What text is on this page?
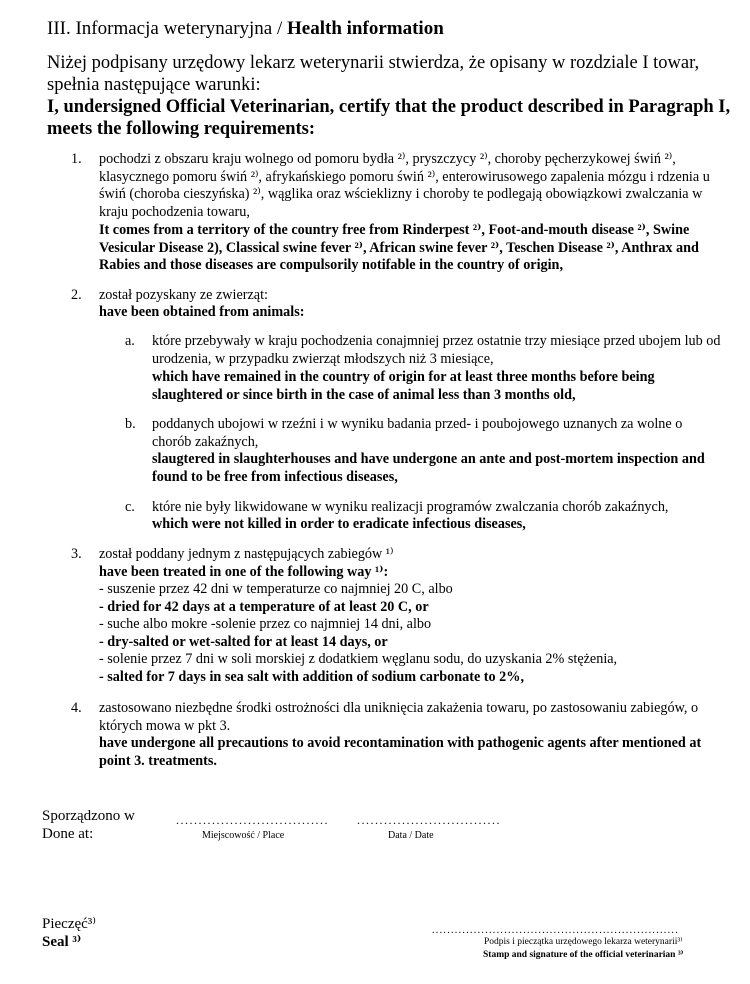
III. Informacja weterynaryjna / Health information
Niżej podpisany urzędowy lekarz weterynarii stwierdza, że opisany w rozdziale I towar, spełnia następujące warunki:
I, undersigned Official Veterinarian, certify that the product described in Paragraph I, meets the following requirements:
1. pochodzi z obszaru kraju wolnego od pomoru bydła ²⁾, pryszczycy ²⁾, choroby pęcherzykowej świń ²⁾, klasycznego pomoru świń ²⁾, afrykańskiego pomoru świń ²⁾, enterowirusowego zapalenia mózgu i rdzenia u świń (choroba cieszyńska) ²⁾, wąglika oraz wścieklizny i choroby te podlegają obowiązkowi zwalczania w kraju pochodzenia towaru,
It comes from a territory of the country free from Rinderpest ²⁾, Foot-and-mouth disease ²⁾, Swine Vesicular Disease 2), Classical swine fever ²⁾, African swine fever ²⁾, Teschen Disease ²⁾, Anthrax and Rabies and those diseases are compulsorily notifable in the country of origin,
2. został pozyskany ze zwierząt:
have been obtained from animals:
a. które przebywały w kraju pochodzenia conajmniej przez ostatnie trzy miesiące przed ubojem lub od urodzenia, w przypadku zwierząt młodszych niż 3 miesiące,
which have remained in the country of origin for at least three months before being slaughtered or since birth in the case of animal less than 3 months old,
b. poddanych ubojowi w rzeźni i w wyniku badania przed- i poubojowego uznanych za wolne o chorób zakaźnych,
slaugtered in slaughterhouses and have undergone an ante and post-mortem inspection and found to be free from infectious diseases,
c. które nie były likwidowane w wyniku realizacji programów zwalczania chorób zakaźnych,
which were not killed in order to eradicate infectious diseases,
3. został poddany jednym z następujących zabiegów ¹⁾
have been treated in one of the following way ¹⁾:
- suszenie przez 42 dni w temperaturze co najmniej 20 C, albo
- dried for 42 days at a temperature of at least 20 C, or
- suche albo mokre -solenie przez co najmniej 14 dni, albo
- dry-salted or wet-salted for at least 14 days, or
- solenie przez 7 dni w soli morskiej z dodatkiem węglanu sodu, do uzyskania 2% stężenia,
- salted for 7 days in sea salt with addition of sodium carbonate to 2%,
4. zastosowano niezbędne środki ostrożności dla uniknięcia zakażenia towaru, po zastosowaniu zabiegów, o których mowa w pkt 3.
have undergone all precautions to avoid recontamination with pathogenic agents after mentioned at point 3. treatments.
Sporządzono w
Done at:
..................................
Miejscowość / Place
................................
Data / Date
Pieczęć³⁾
Seal ³⁾
.................................................................
Podpis i pieczątka urzędowego lekarza weterynarii³⁾
Stamp and signature of the official veterinarian ³⁾
